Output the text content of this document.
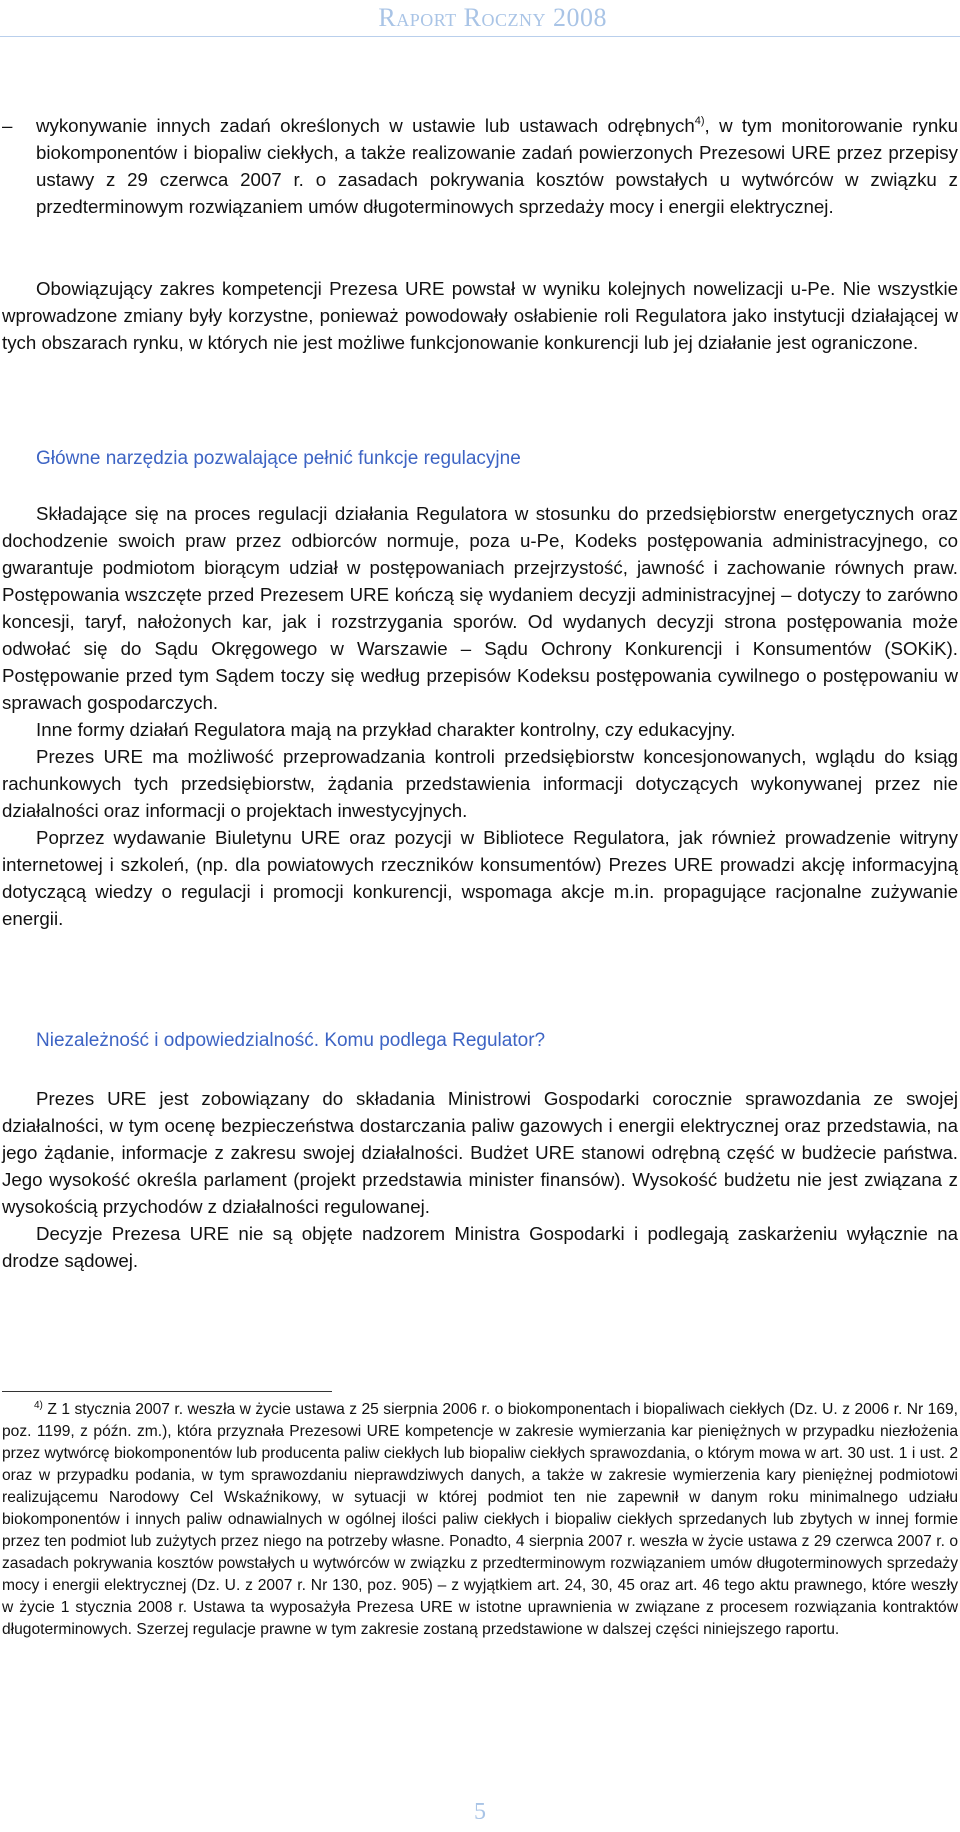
Raport Roczny 2008
– wykonywanie innych zadań określonych w ustawie lub ustawach odrębnych$^{4)}$, w tym monitorowanie rynku biokomponentów i biopaliw ciekłych, a także realizowanie zadań powierzonych Prezesowi URE przez przepisy ustawy z 29 czerwca 2007 r. o zasadach pokrywania kosztów powstałych u wytwórców w związku z przedterminowym rozwiązaniem umów długoterminowych sprzedaży mocy i energii elektrycznej.

Obowiązujący zakres kompetencji Prezesa URE powstał w wyniku kolejnych nowelizacji u-Pe. Nie wszystkie wprowadzone zmiany były korzystne, ponieważ powodowały osłabienie roli Regulatora jako instytucji działającej w tych obszarach rynku, w których nie jest możliwe funkcjonowanie konkurencji lub jej działanie jest ograniczone.

Główne narzędzia pozwalające pełnić funkcje regulacyjne

Składające się na proces regulacji działania Regulatora w stosunku do przedsiębiorstw energetycznych oraz dochodzenie swoich praw przez odbiorców normuje, poza u-Pe, Kodeks postępowania administracyjnego, co gwarantuje podmiotom biorącym udział w postępowaniach przejrzystość, jawność i zachowanie równych praw. Postępowania wszczęte przed Prezesem URE kończą się wydaniem decyzji administracyjnej – dotyczy to zarówno koncesji, taryf, nałożonych kar, jak i rozstrzygania sporów. Od wydanych decyzji strona postępowania może odwołać się do Sądu Okręgowego w Warszawie – Sądu Ochrony Konkurencji i Konsumentów (SOKiK). Postępowanie przed tym Sądem toczy się według przepisów Kodeksu postępowania cywilnego o postępowaniu w sprawach gospodarczych.

Inne formy działań Regulatora mają na przykład charakter kontrolny, czy edukacyjny.

Prezes URE ma możliwość przeprowadzania kontroli przedsiębiorstw koncesjonowanych, wglądu do ksiąg rachunkowych tych przedsiębiorstw, żądania przedstawienia informacji dotyczących wykonywanej przez nie działalności oraz informacji o projektach inwestycyjnych.

Poprzez wydawanie Biuletynu URE oraz pozycji w Bibliotece Regulatora, jak również prowadzenie witryny internetowej i szkoleń, (np. dla powiatowych rzeczników konsumentów) Prezes URE prowadzi akcję informacyjną dotyczącą wiedzy o regulacji i promocji konkurencji, wspomaga akcje m.in. propagujące racjonalne zużywanie energii.

Niezależność i odpowiedzialność. Komu podlega Regulator?

Prezes URE jest zobowiązany do składania Ministrowi Gospodarki corocznie sprawozdania ze swojej działalności, w tym ocenę bezpieczeństwa dostarczania paliw gazowych i energii elektrycznej oraz przedstawia, na jego żądanie, informacje z zakresu swojej działalności. Budżet URE stanowi odrębną część w budżecie państwa. Jego wysokość określa parlament (projekt przedstawia minister finansów). Wysokość budżetu nie jest związana z wysokością przychodów z działalności regulowanej.

Decyzje Prezesa URE nie są objęte nadzorem Ministra Gospodarki i podlegają zaskarżeniu wyłącznie na drodze sądowej.

$^{4)}$ Z 1 stycznia 2007 r. weszła w życie ustawa z 25 sierpnia 2006 r. o biokomponentach i biopaliwach ciekłych (Dz. U. z 2006 r. Nr 169, poz. 1199, z późn. zm.), która przyznała Prezesowi URE kompetencje w zakresie wymierzania kar pieniężnych w przypadku niezłożenia przez wytwórcę biokomponentów lub producenta paliw ciekłych lub biopaliw ciekłych sprawozdania, o którym mowa w art. 30 ust. 1 i ust. 2 oraz w przypadku podania, w tym sprawozdaniu nieprawdziwych danych, a także w zakresie wymierzenia kary pieniężnej podmiotowi realizującemu Narodowy Cel Wskaźnikowy, w sytuacji w której podmiot ten nie zapewnił w danym roku minimalnego udziału biokomponentów i innych paliw odnawialnych w ogólnej ilości paliw ciekłych i biopaliw ciekłych sprzedanych lub zbytych w innej formie przez ten podmiot lub zużytych przez niego na potrzeby własne. Ponadto, 4 sierpnia 2007 r. weszła w życie ustawa z 29 czerwca 2007 r. o zasadach pokrywania kosztów powstałych u wytwórców w związku z przedterminowym rozwiązaniem umów długoterminowych sprzedaży mocy i energii elektrycznej (Dz. U. z 2007 r. Nr 130, poz. 905) – z wyjątkiem art. 24, 30, 45 oraz art. 46 tego aktu prawnego, które weszły w życie 1 stycznia 2008 r. Ustawa ta wyposażyła Prezesa URE w istotne uprawnienia w związane z procesem rozwiązania kontraktów długoterminowych. Szerzej regulacje prawne w tym zakresie zostaną przedstawione w dalszej części niniejszego raportu.

5
